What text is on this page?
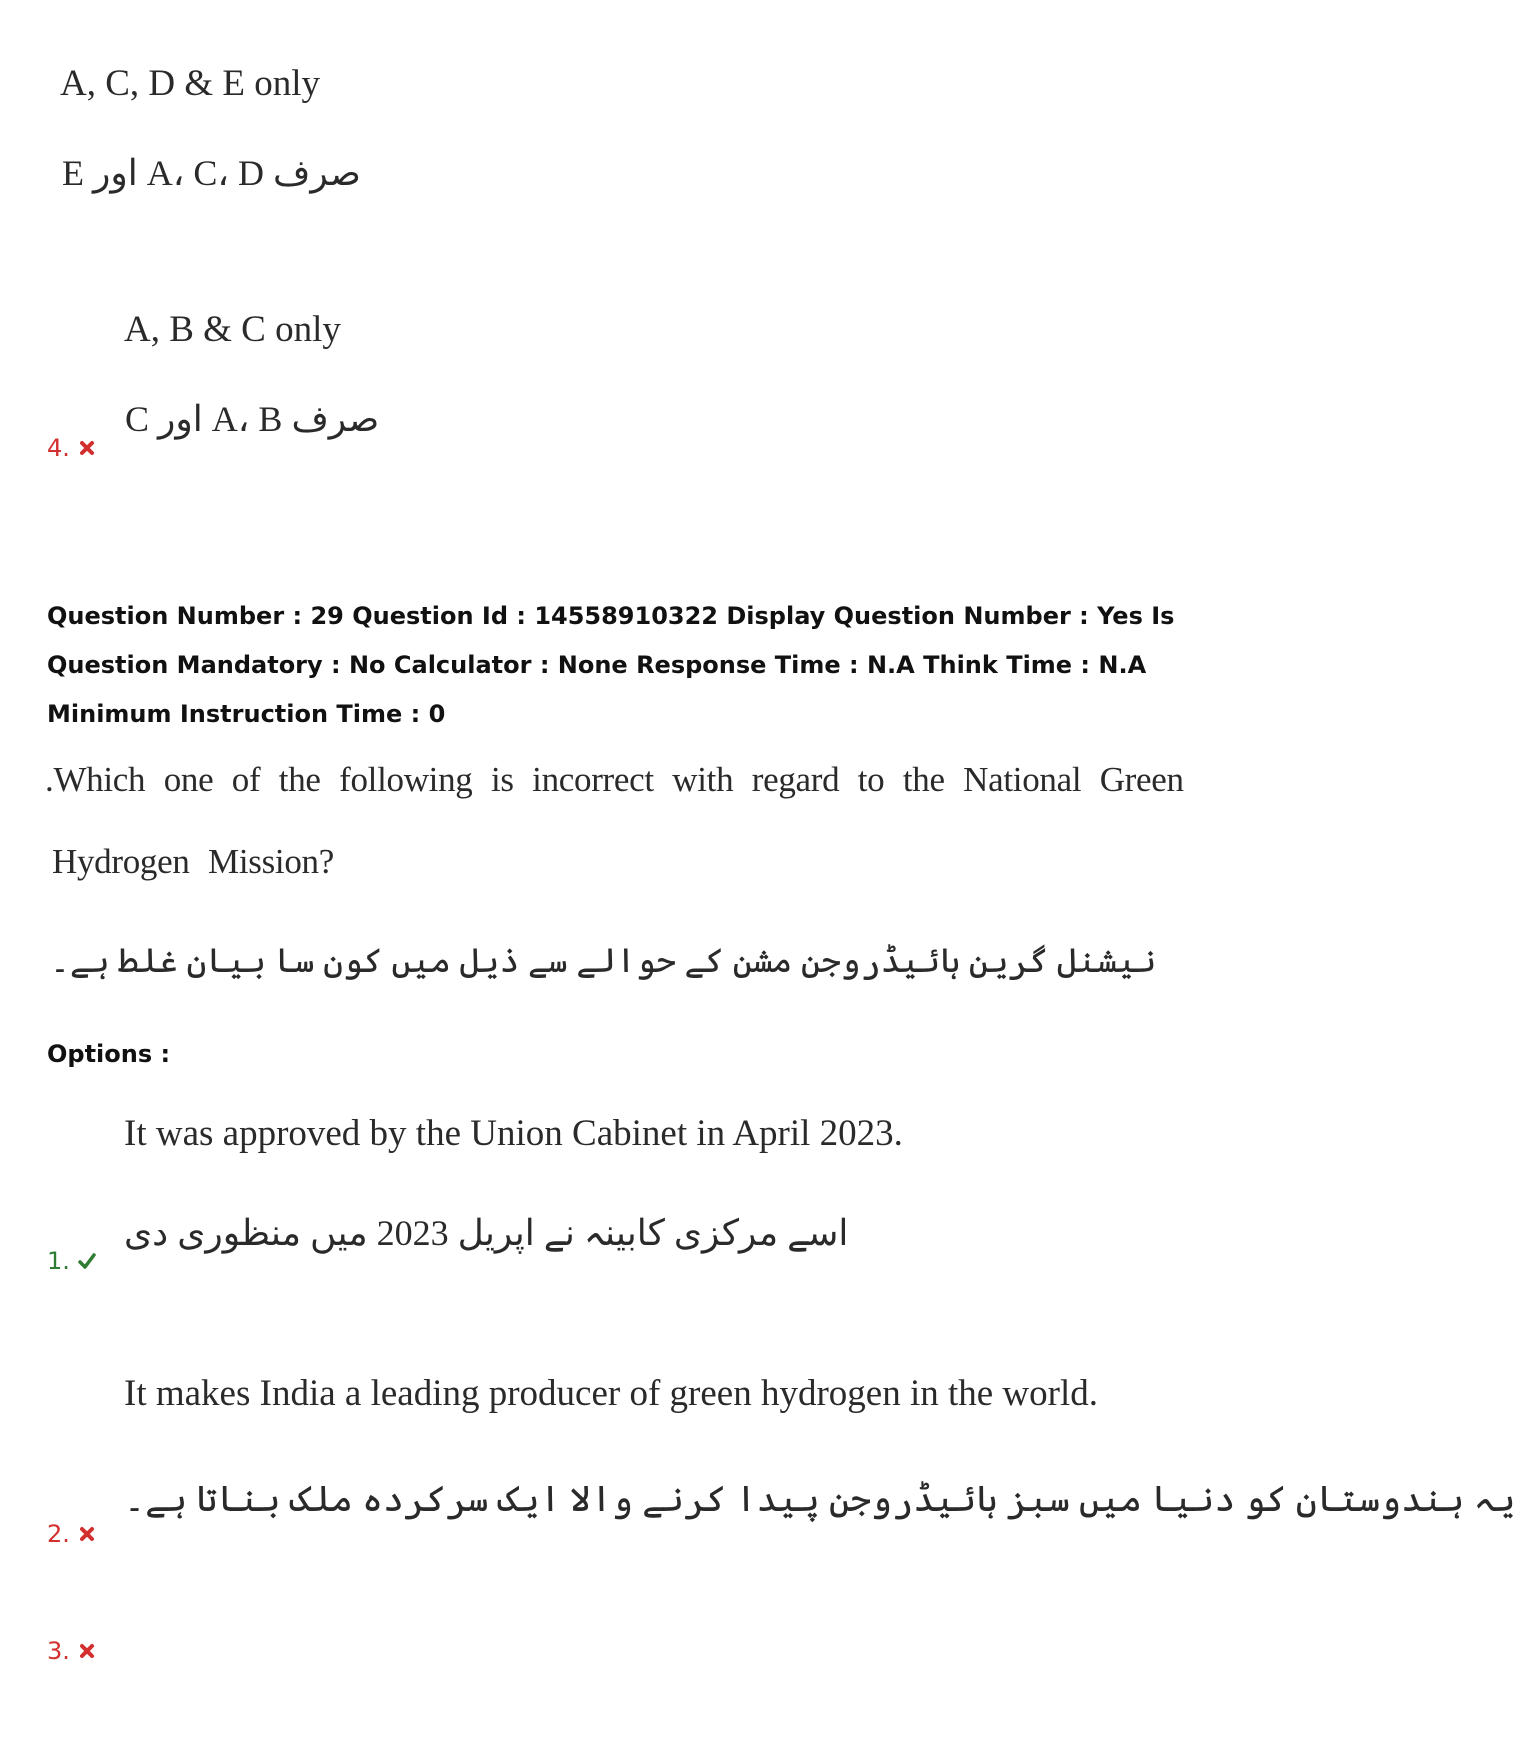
A, C, D & E only
صرف A، C، D اور E
A, B & C only
صرف A، B اور C
4.
Question Number : 29 Question Id : 14558910322 Display Question Number : Yes Is Question Mandatory : No Calculator : None Response Time : N.A Think Time : N.A Minimum Instruction Time : 0
.Which one of the following is incorrect with regard to the National Green
Hydrogen Mission?
نیشنل گرین ہائیڈروجن مشن کے حوالے سے ذیل میں کون سا بیان غلط ہے۔
Options :
It was approved by the Union Cabinet in April 2023.
اسے مرکزی کابینہ نے اپریل 2023 میں منظوری دی
1.
It makes India a leading producer of green hydrogen in the world.
یہ ہندوستان کو دنیا میں سبز ہائیڈروجن پیدا کرنے والا ایک سرکردہ ملک بناتا ہے۔
2.
3.
